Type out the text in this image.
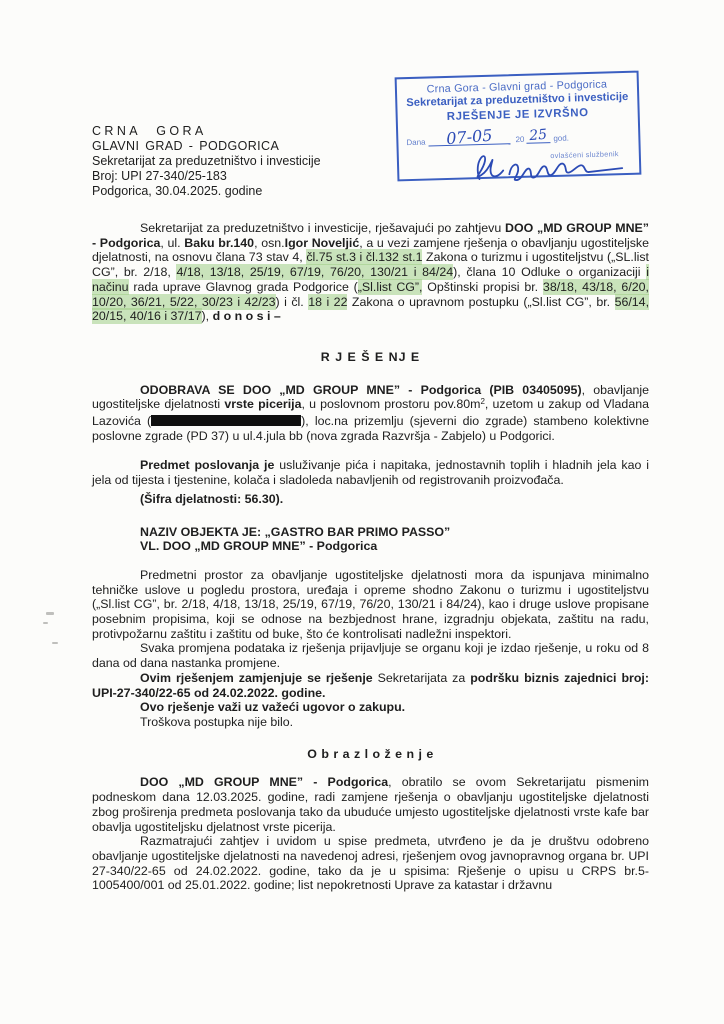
CRNA GORA
GLAVNI GRAD - PODGORICA
Sekretarijat za preduzetništvo i investicije
Broj: UPI 27-340/25-183
Podgorica, 30.04.2025. godine
Crna Gora - Glavni grad - Podgorica
Sekretarijat za preduzetništvo i investicije
RJEŠENJE JE IZVRŠNO
Dana	07-05	20 25 god.
ovlašćeni službenik

Sekretarijat za preduzetništvo i investicije, rješavajući po zahtjevu DOO „MD GROUP MNE” - Podgorica, ul. Baku br.140, osn.Igor Noveljić, a u vezi zamjene rješenja o obavljanju ugostiteljske djelatnosti, na osnovu člana 73 stav 4, čl.75 st.3 i čl.132 st.1 Zakona o turizmu i ugostiteljstvu („SL.list CG”, br. 2/18, 4/18, 13/18, 25/19, 67/19, 76/20, 130/21 i 84/24), člana 10 Odluke o organizaciji i načinu rada uprave Glavnog grada Podgorice („Sl.list CG”, Opštinski propisi br. 38/18, 43/18, 6/20, 10/20, 36/21, 5/22, 30/23 i 42/23) i čl. 18 i 22 Zakona o upravnom postupku („Sl.list CG”, br. 56/14, 20/15, 40/16 i 37/17), d o n o s i –

R J E Š E NJ E

ODOBRAVA SE DOO „MD GROUP MNE” - Podgorica (PIB 03405095), obavljanje ugostiteljske djelatnosti vrste picerija, u poslovnom prostoru $pov.80m^2$, uzetom u zakup od Vladana Lazovića (	), loc.na prizemlju (sjeverni dio zgrade) stambeno kolektivne poslovne zgrade (PD 37) u ul.4.jula bb (nova zgrada Razvršja - Zabjelo) u Podgorici.

Predmet poslovanja je usluživanje pića i napitaka, jednostavnih toplih i hladnih jela kao i jela od tijesta i tjestenine, kolača i sladoleda nabavljenih od registrovanih proizvođača.

(Šifra djelatnosti: 56.30).

NAZIV OBJEKTA JE: „GASTRO BAR PRIMO PASSO”

VL. DOO „MD GROUP MNE” - Podgorica

Predmetni prostor za obavljanje ugostiteljske djelatnosti mora da ispunjava minimalno tehničke uslove u pogledu prostora, uređaja i opreme shodno Zakonu o turizmu i ugostiteljstvu („Sl.list CG”, br. 2/18, 4/18, 13/18, 25/19, 67/19, 76/20, 130/21 i 84/24), kao i druge uslove propisane posebnim propisima, koji se odnose na bezbjednost hrane, izgradnju objekata, zaštitu na radu, protivpožarnu zaštitu i zaštitu od buke, što će kontrolisati nadležni inspektori.

Svaka promjena podataka iz rješenja prijavljuje se organu koji je izdao rješenje, u roku od 8 dana od dana nastanka promjene.

Ovim rješenjem zamjenjuje se rješenje Sekretarijata za podršku biznis zajednici broj: UPI-27-340/22-65 od 24.02.2022. godine.

Ovo rješenje važi uz važeći ugovor o zakupu.

Troškova postupka nije bilo.

O b r a z l o ž e n j e

DOO „MD GROUP MNE” - Podgorica, obratilo se ovom Sekretarijatu pismenim podneskom dana 12.03.2025. godine, radi zamjene rješenja o obavljanju ugostiteljske djelatnosti zbog proširenja predmeta poslovanja tako da ubuduće umjesto ugostiteljske djelatnosti vrste kafe bar obavlja ugostiteljsku djelatnost vrste picerija.

Razmatrajući zahtjev i uvidom u spise predmeta, utvrđeno je da je društvu odobreno obavljanje ugostiteljske djelatnosti na navedenoj adresi, rješenjem ovog javnopravnog organa br. UPI 27-340/22-65 od 24.02.2022. godine, tako da je u spisima: Rješenje o upisu u CRPS br.5-1005400/001 od 25.01.2022. godine; list nepokretnosti Uprave za katastar i državnu
